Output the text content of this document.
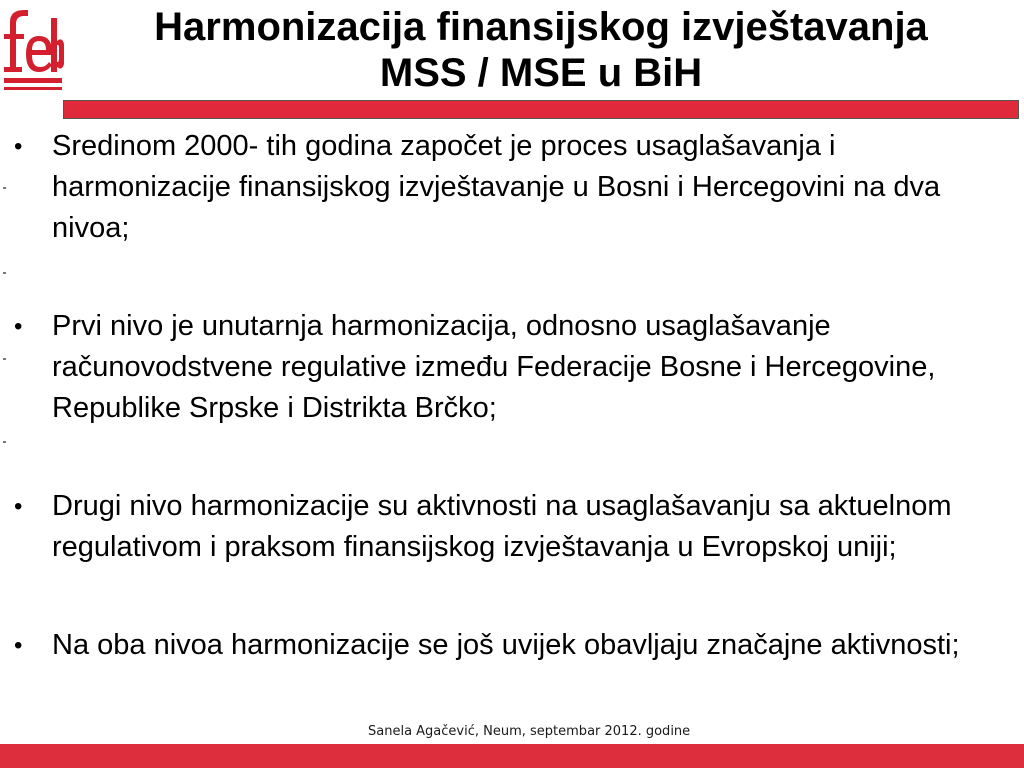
Harmonizacija finansijskog izvještavanja
MSS / MSE u BiH
•	Sredinom 2000- tih godina započet je proces usaglašavanja i harmonizacije finansijskog izvještavanje u Bosni i Hercegovini na dva nivoa;
•	Prvi nivo je unutarnja harmonizacija, odnosno usaglašavanje računovodstvene regulative između Federacije Bosne i Hercegovine, Republike Srpske i Distrikta Brčko;
•	Drugi nivo harmonizacije su aktivnosti na usaglašavanju sa aktuelnom regulativom i praksom finansijskog izvještavanja u Evropskoj uniji;
•	Na oba nivoa harmonizacije se još uvijek obavljaju značajne aktivnosti;
Sanela Agačević, Neum, septembar 2012. godine
